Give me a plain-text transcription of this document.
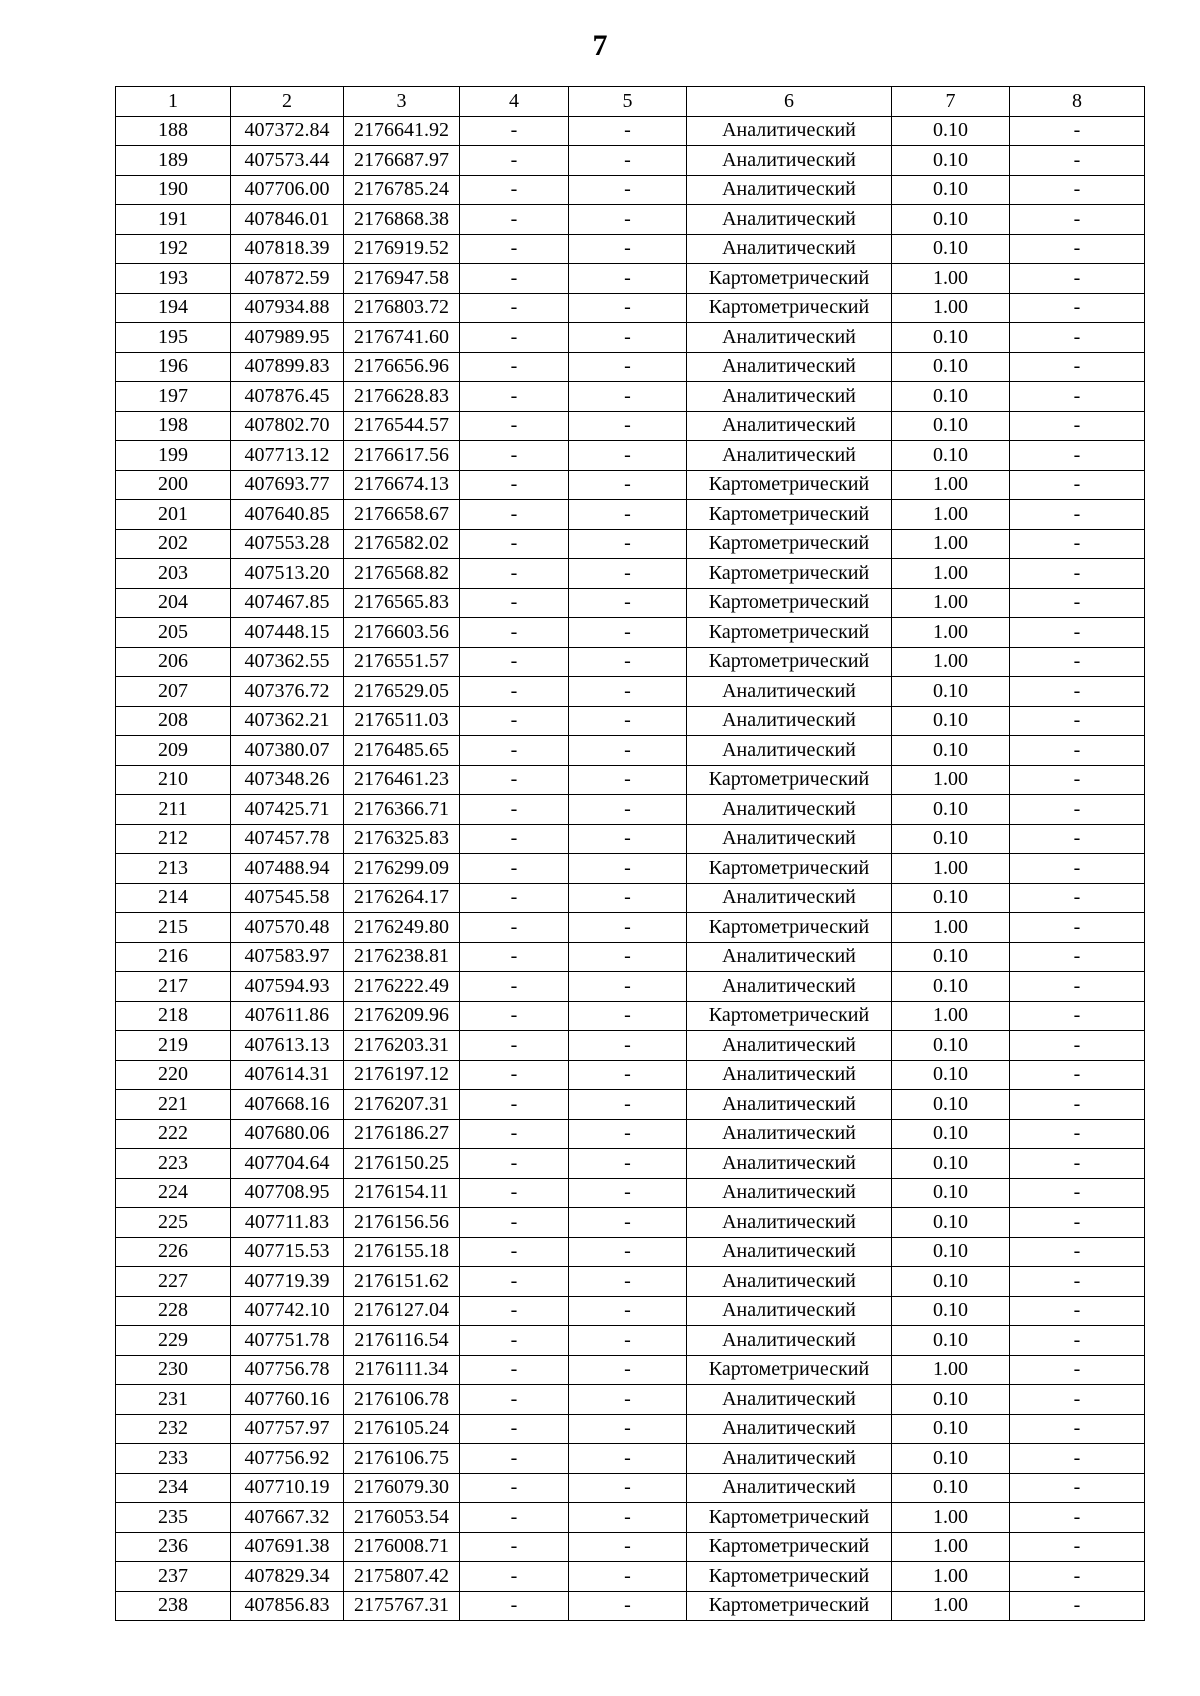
7
1	2	3	4	5	6	7	8
188	407372.84	2176641.92	-	-	Аналитический	0.10	-
189	407573.44	2176687.97	-	-	Аналитический	0.10	-
190	407706.00	2176785.24	-	-	Аналитический	0.10	-
191	407846.01	2176868.38	-	-	Аналитический	0.10	-
192	407818.39	2176919.52	-	-	Аналитический	0.10	-
193	407872.59	2176947.58	-	-	Картометрический	1.00	-
194	407934.88	2176803.72	-	-	Картометрический	1.00	-
195	407989.95	2176741.60	-	-	Аналитический	0.10	-
196	407899.83	2176656.96	-	-	Аналитический	0.10	-
197	407876.45	2176628.83	-	-	Аналитический	0.10	-
198	407802.70	2176544.57	-	-	Аналитический	0.10	-
199	407713.12	2176617.56	-	-	Аналитический	0.10	-
200	407693.77	2176674.13	-	-	Картометрический	1.00	-
201	407640.85	2176658.67	-	-	Картометрический	1.00	-
202	407553.28	2176582.02	-	-	Картометрический	1.00	-
203	407513.20	2176568.82	-	-	Картометрический	1.00	-
204	407467.85	2176565.83	-	-	Картометрический	1.00	-
205	407448.15	2176603.56	-	-	Картометрический	1.00	-
206	407362.55	2176551.57	-	-	Картометрический	1.00	-
207	407376.72	2176529.05	-	-	Аналитический	0.10	-
208	407362.21	2176511.03	-	-	Аналитический	0.10	-
209	407380.07	2176485.65	-	-	Аналитический	0.10	-
210	407348.26	2176461.23	-	-	Картометрический	1.00	-
211	407425.71	2176366.71	-	-	Аналитический	0.10	-
212	407457.78	2176325.83	-	-	Аналитический	0.10	-
213	407488.94	2176299.09	-	-	Картометрический	1.00	-
214	407545.58	2176264.17	-	-	Аналитический	0.10	-
215	407570.48	2176249.80	-	-	Картометрический	1.00	-
216	407583.97	2176238.81	-	-	Аналитический	0.10	-
217	407594.93	2176222.49	-	-	Аналитический	0.10	-
218	407611.86	2176209.96	-	-	Картометрический	1.00	-
219	407613.13	2176203.31	-	-	Аналитический	0.10	-
220	407614.31	2176197.12	-	-	Аналитический	0.10	-
221	407668.16	2176207.31	-	-	Аналитический	0.10	-
222	407680.06	2176186.27	-	-	Аналитический	0.10	-
223	407704.64	2176150.25	-	-	Аналитический	0.10	-
224	407708.95	2176154.11	-	-	Аналитический	0.10	-
225	407711.83	2176156.56	-	-	Аналитический	0.10	-
226	407715.53	2176155.18	-	-	Аналитический	0.10	-
227	407719.39	2176151.62	-	-	Аналитический	0.10	-
228	407742.10	2176127.04	-	-	Аналитический	0.10	-
229	407751.78	2176116.54	-	-	Аналитический	0.10	-
230	407756.78	2176111.34	-	-	Картометрический	1.00	-
231	407760.16	2176106.78	-	-	Аналитический	0.10	-
232	407757.97	2176105.24	-	-	Аналитический	0.10	-
233	407756.92	2176106.75	-	-	Аналитический	0.10	-
234	407710.19	2176079.30	-	-	Аналитический	0.10	-
235	407667.32	2176053.54	-	-	Картометрический	1.00	-
236	407691.38	2176008.71	-	-	Картометрический	1.00	-
237	407829.34	2175807.42	-	-	Картометрический	1.00	-
238	407856.83	2175767.31	-	-	Картометрический	1.00	-
